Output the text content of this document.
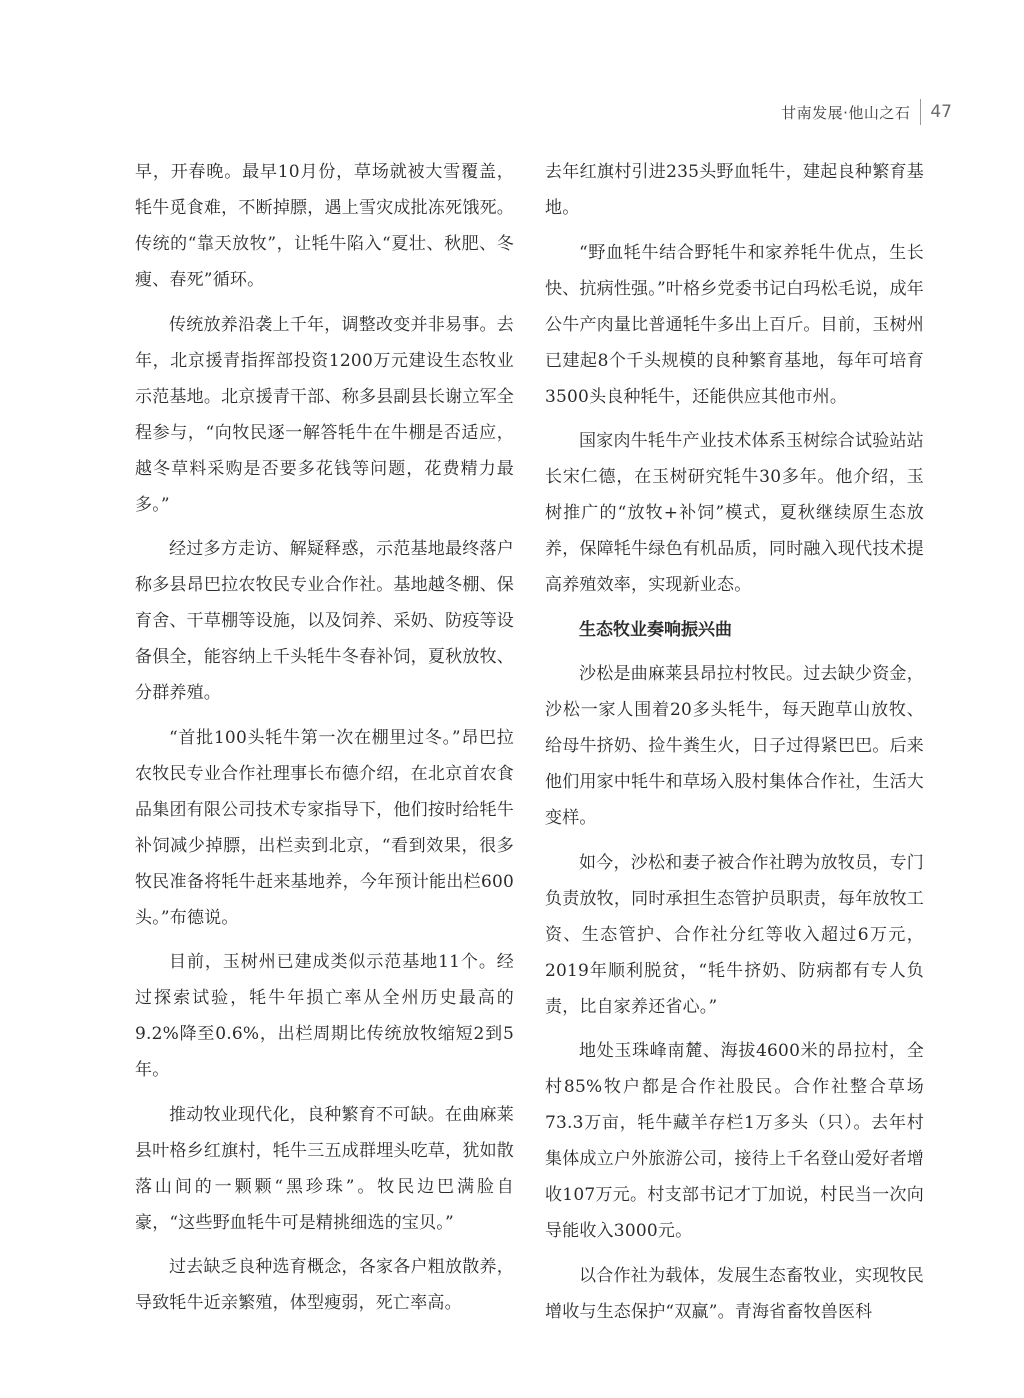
甘南发展·他山之石 47

早，开春晚。最早10月份，草场就被大雪覆盖，牦牛觅食难，不断掉膘，遇上雪灾成批冻死饿死。传统的“靠天放牧”，让牦牛陷入“夏壮、秋肥、冬瘦、春死”循环。

传统放养沿袭上千年，调整改变并非易事。去年，北京援青指挥部投资1200万元建设生态牧业示范基地。北京援青干部、称多县副县长谢立军全程参与，“向牧民逐一解答牦牛在牛棚是否适应，越冬草料采购是否要多花钱等问题，花费精力最多。”

经过多方走访、解疑释惑，示范基地最终落户称多县昂巴拉农牧民专业合作社。基地越冬棚、保育舍、干草棚等设施，以及饲养、采奶、防疫等设备俱全，能容纳上千头牦牛冬春补饲，夏秋放牧、分群养殖。

“首批100头牦牛第一次在棚里过冬。”昂巴拉农牧民专业合作社理事长布德介绍，在北京首农食品集团有限公司技术专家指导下，他们按时给牦牛补饲减少掉膘，出栏卖到北京，“看到效果，很多牧民准备将牦牛赶来基地养，今年预计能出栏600头。”布德说。

目前，玉树州已建成类似示范基地11个。经过探索试验，牦牛年损亡率从全州历史最高的9.2%降至0.6%，出栏周期比传统放牧缩短2到5年。

推动牧业现代化，良种繁育不可缺。在曲麻莱县叶格乡红旗村，牦牛三五成群埋头吃草，犹如散落山间的一颗颗“黑珍珠”。牧民边巴满脸自豪，“这些野血牦牛可是精挑细选的宝贝。”

过去缺乏良种选育概念，各家各户粗放散养，导致牦牛近亲繁殖，体型瘦弱，死亡率高。

去年红旗村引进235头野血牦牛，建起良种繁育基地。

“野血牦牛结合野牦牛和家养牦牛优点，生长快、抗病性强。”叶格乡党委书记白玛松毛说，成年公牛产肉量比普通牦牛多出上百斤。目前，玉树州已建起8个千头规模的良种繁育基地，每年可培育3500头良种牦牛，还能供应其他市州。

国家肉牛牦牛产业技术体系玉树综合试验站站长宋仁德，在玉树研究牦牛30多年。他介绍，玉树推广的“放牧+补饲”模式，夏秋继续原生态放养，保障牦牛绿色有机品质，同时融入现代技术提高养殖效率，实现新业态。

生态牧业奏响振兴曲

沙松是曲麻莱县昂拉村牧民。过去缺少资金，沙松一家人围着20多头牦牛，每天跑草山放牧、给母牛挤奶、捡牛粪生火，日子过得紧巴巴。后来他们用家中牦牛和草场入股村集体合作社，生活大变样。

如今，沙松和妻子被合作社聘为放牧员，专门负责放牧，同时承担生态管护员职责，每年放牧工资、生态管护、合作社分红等收入超过6万元，2019年顺利脱贫，“牦牛挤奶、防病都有专人负责，比自家养还省心。”

地处玉珠峰南麓、海拔4600米的昂拉村，全村85%牧户都是合作社股民。合作社整合草场73.3万亩，牦牛藏羊存栏1万多头（只）。去年村集体成立户外旅游公司，接待上千名登山爱好者增收107万元。村支部书记才丁加说，村民当一次向导能收入3000元。

以合作社为载体，发展生态畜牧业，实现牧民增收与生态保护“双赢”。青海省畜牧兽医科
